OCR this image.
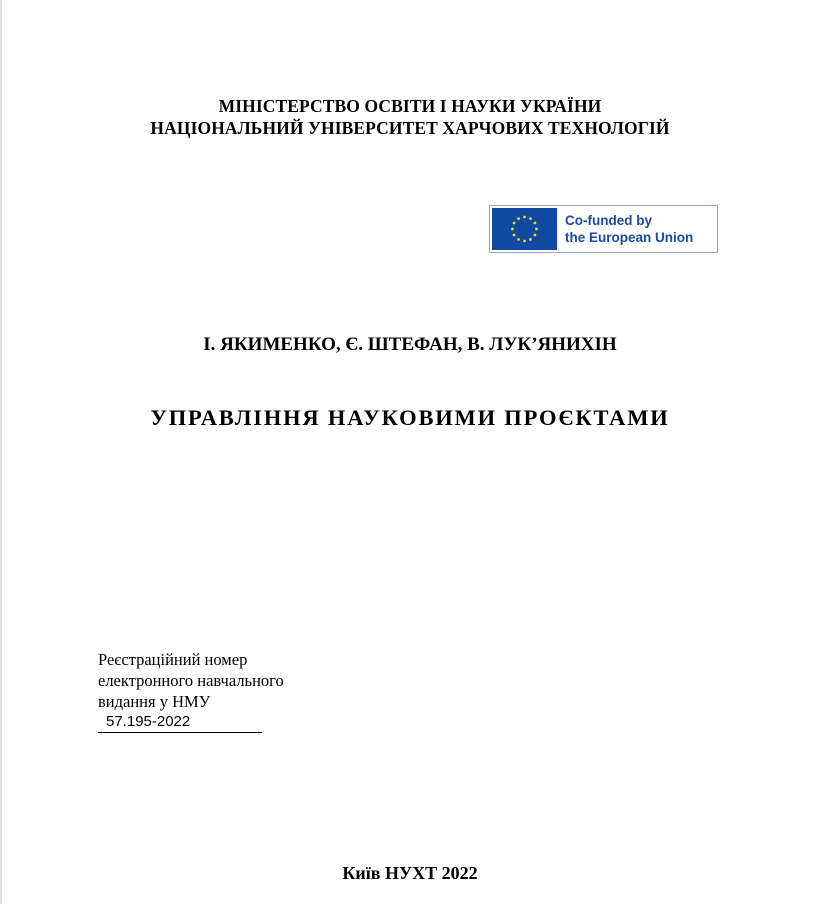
МІНІСТЕРСТВО ОСВІТИ І НАУКИ УКРАЇНИ
НАЦІОНАЛЬНИЙ УНІВЕРСИТЕТ ХАРЧОВИХ ТЕХНОЛОГІЙ
Co-funded by
the European Union
І. ЯКИМЕНКО, Є. ШТЕФАН, В. ЛУК’ЯНИХІН
УПРАВЛІННЯ НАУКОВИМИ ПРОЄКТАМИ
Реєстраційний номер
електронного навчального
видання у НМУ
57.195-2022
Київ НУХТ 2022
